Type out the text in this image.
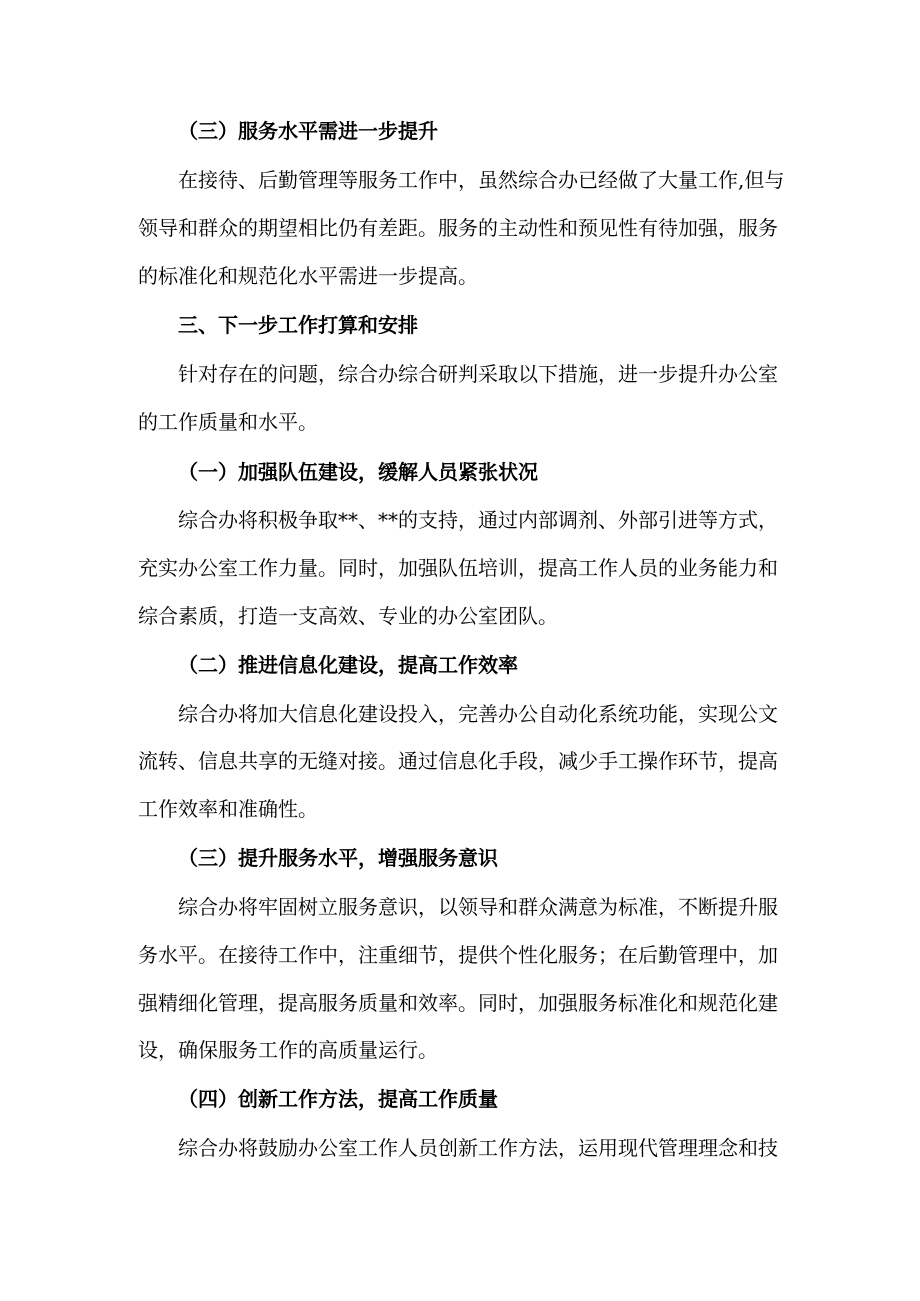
（三）服务水平需进一步提升
在接待、后勤管理等服务工作中，虽然综合办已经做了大量工作,但与
领导和群众的期望相比仍有差距。服务的主动性和预见性有待加强，服务
的标准化和规范化水平需进一步提高。
三、下一步工作打算和安排
针对存在的问题，综合办综合研判采取以下措施，进一步提升办公室
的工作质量和水平。
（一）加强队伍建设，缓解人员紧张状况
综合办将积极争取**、**的支持，通过内部调剂、外部引进等方式，
充实办公室工作力量。同时，加强队伍培训，提高工作人员的业务能力和
综合素质，打造一支高效、专业的办公室团队。
（二）推进信息化建设，提高工作效率
综合办将加大信息化建设投入，完善办公自动化系统功能，实现公文
流转、信息共享的无缝对接。通过信息化手段，减少手工操作环节，提高
工作效率和准确性。
（三）提升服务水平，增强服务意识
综合办将牢固树立服务意识，以领导和群众满意为标准，不断提升服
务水平。在接待工作中，注重细节，提供个性化服务；在后勤管理中，加
强精细化管理，提高服务质量和效率。同时，加强服务标准化和规范化建
设，确保服务工作的高质量运行。
（四）创新工作方法，提高工作质量
综合办将鼓励办公室工作人员创新工作方法，运用现代管理理念和技
